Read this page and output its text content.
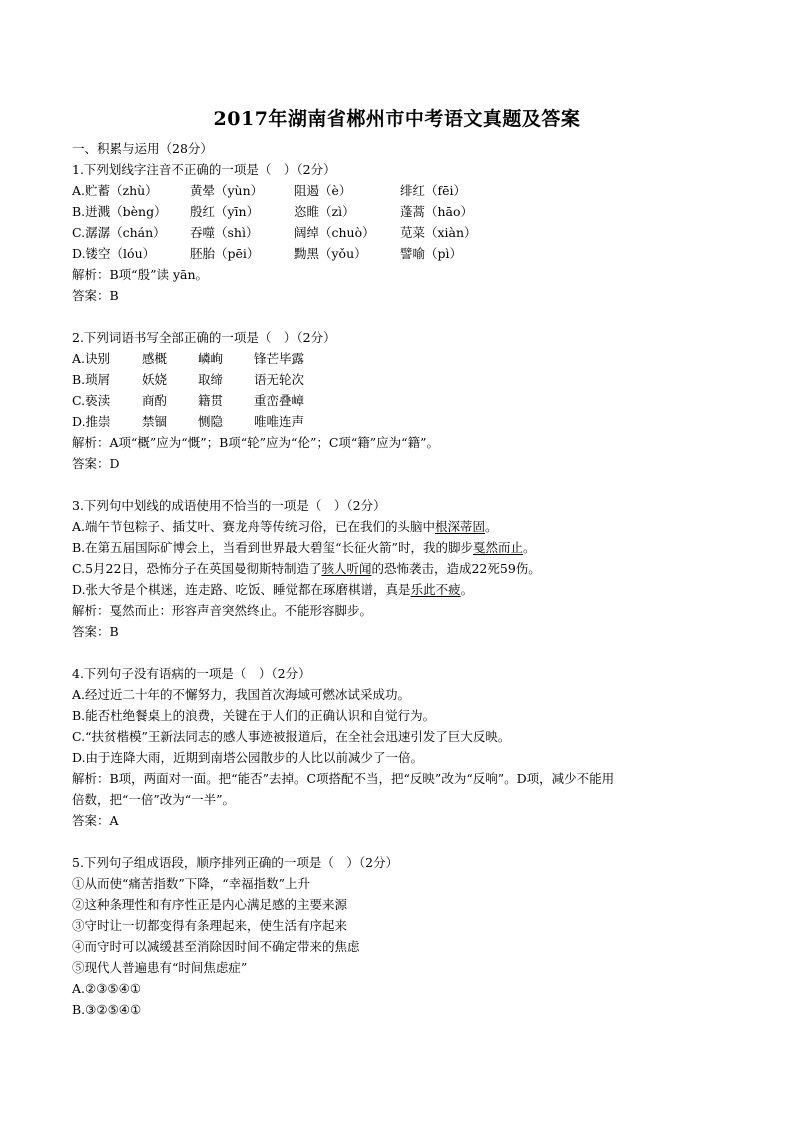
2017年湖南省郴州市中考语文真题及答案
一、积累与运用（28分）
1.下列划线字注音不正确的一项是（　）（2分）
A.贮蓄（zhù）	黄晕（yùn）	阻遏（è）	绯红（fēi）
B.迸溅（bèng）	殷红（yīn）	恣睢（zì）	蓬蒿（hāo）
C.潺潺（chán）	吞噬（shì）	阔绰（chuò）	苋菜（xiàn）
D.镂空（lóu）	胚胎（pēi）	黝黑（yǒu）	譬喻（pì）
解析：B项“殷”读 yān。
答案：B
2.下列词语书写全部正确的一项是（　）（2分）
A.诀别	感概	嶙峋	锋芒毕露
B.琐屑	妖娆	取缔	语无轮次
C.亵渎	商酌	籍贯	重峦叠嶂
D.推崇	禁锢	恻隐	唯唯连声
解析：A项“概”应为“慨”；B项“轮”应为“伦”；C项“籍”应为“籍”。
答案：D
3.下列句中划线的成语使用不恰当的一项是（　）（2分）
A.端午节包粽子、插艾叶、赛龙舟等传统习俗，已在我们的头脑中根深蒂固。
B.在第五届国际矿博会上，当看到世界最大碧玺“长征火箭”时，我的脚步戛然而止。
C.5月22日，恐怖分子在英国曼彻斯特制造了骇人听闻的恐怖袭击，造成22死59伤。
D.张大爷是个棋迷，连走路、吃饭、睡觉都在琢磨棋谱，真是乐此不疲。
解析：戛然而止：形容声音突然终止。不能形容脚步。
答案：B
4.下列句子没有语病的一项是（　）（2分）
A.经过近二十年的不懈努力，我国首次海域可燃冰试采成功。
B.能否杜绝餐桌上的浪费，关键在于人们的正确认识和自觉行为。
C.“扶贫楷模”王新法同志的感人事迹被报道后，在全社会迅速引发了巨大反映。
D.由于连降大雨，近期到南塔公园散步的人比以前减少了一倍。
解析：B项，两面对一面。把“能否”去掉。C项搭配不当，把“反映”改为“反响”。D项，减少不能用
倍数，把“一倍”改为“一半”。
答案：A
5.下列句子组成语段，顺序排列正确的一项是（　）（2分）
①从而使“痛苦指数”下降，“幸福指数”上升
②这种条理性和有序性正是内心满足感的主要来源
③守时让一切都变得有条理起来，使生活有序起来
④而守时可以减缓甚至消除因时间不确定带来的焦虑
⑤现代人普遍患有“时间焦虑症”
A.②③⑤④①
B.③②⑤④①
